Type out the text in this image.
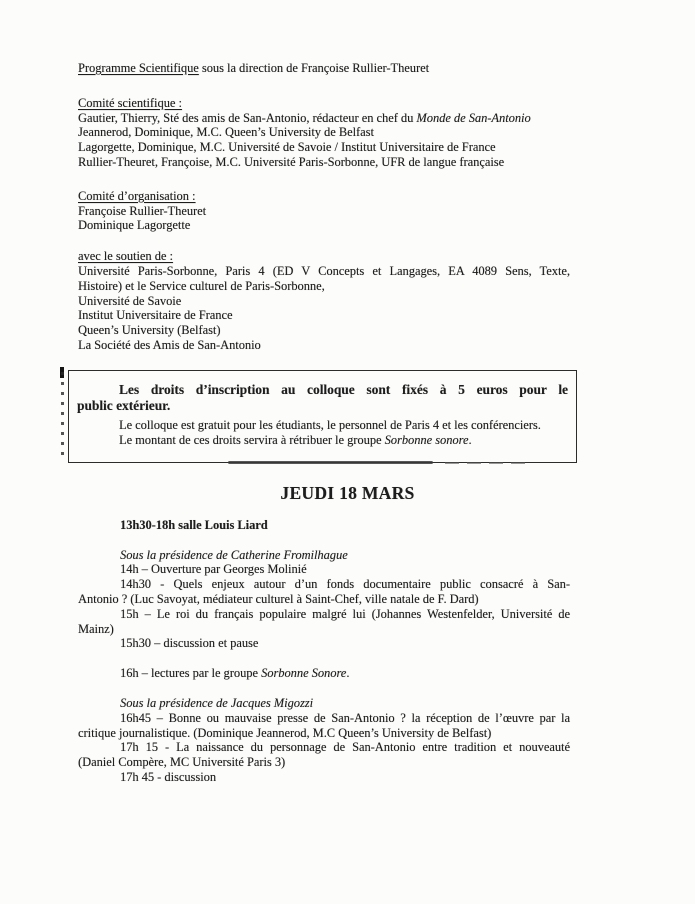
Programme Scientifique sous la direction de Françoise Rullier-Theuret
Comité scientifique :
Gautier, Thierry, Sté des amis de San-Antonio, rédacteur en chef du Monde de San-Antonio
Jeannerod, Dominique, M.C. Queen’s University de Belfast
Lagorgette, Dominique, M.C. Université de Savoie / Institut Universitaire de France
Rullier-Theuret, Françoise, M.C. Université Paris-Sorbonne, UFR de langue française
Comité d’organisation :
Françoise Rullier-Theuret
Dominique Lagorgette
avec le soutien de :
Université Paris-Sorbonne, Paris 4 (ED V Concepts et Langages, EA 4089 Sens, Texte,
Histoire) et le Service culturel de Paris-Sorbonne,
Université de Savoie
Institut Universitaire de France
Queen’s University (Belfast)
La Société des Amis de San-Antonio
Les droits d’inscription au colloque sont fixés à 5 euros pour le
public extérieur.
Le colloque est gratuit pour les étudiants, le personnel de Paris 4 et les conférenciers.
Le montant de ces droits servira à rétribuer le groupe Sorbonne sonore.
JEUDI 18 MARS
13h30-18h salle Louis Liard
Sous la présidence de Catherine Fromilhague
14h – Ouverture par Georges Molinié
14h30 - Quels enjeux autour d’un fonds documentaire public consacré à San-
Antonio ? (Luc Savoyat, médiateur culturel à Saint-Chef, ville natale de F. Dard)
15h – Le roi du français populaire malgré lui (Johannes Westenfelder, Université de
Mainz)
15h30 – discussion et pause
16h – lectures par le groupe Sorbonne Sonore.
Sous la présidence de Jacques Migozzi
16h45 – Bonne ou mauvaise presse de San-Antonio ? la réception de l’œuvre par la
critique journalistique. (Dominique Jeannerod, M.C Queen’s University de Belfast)
17h 15 - La naissance du personnage de San-Antonio entre tradition et nouveauté
(Daniel Compère, MC Université Paris 3)
17h 45 - discussion
